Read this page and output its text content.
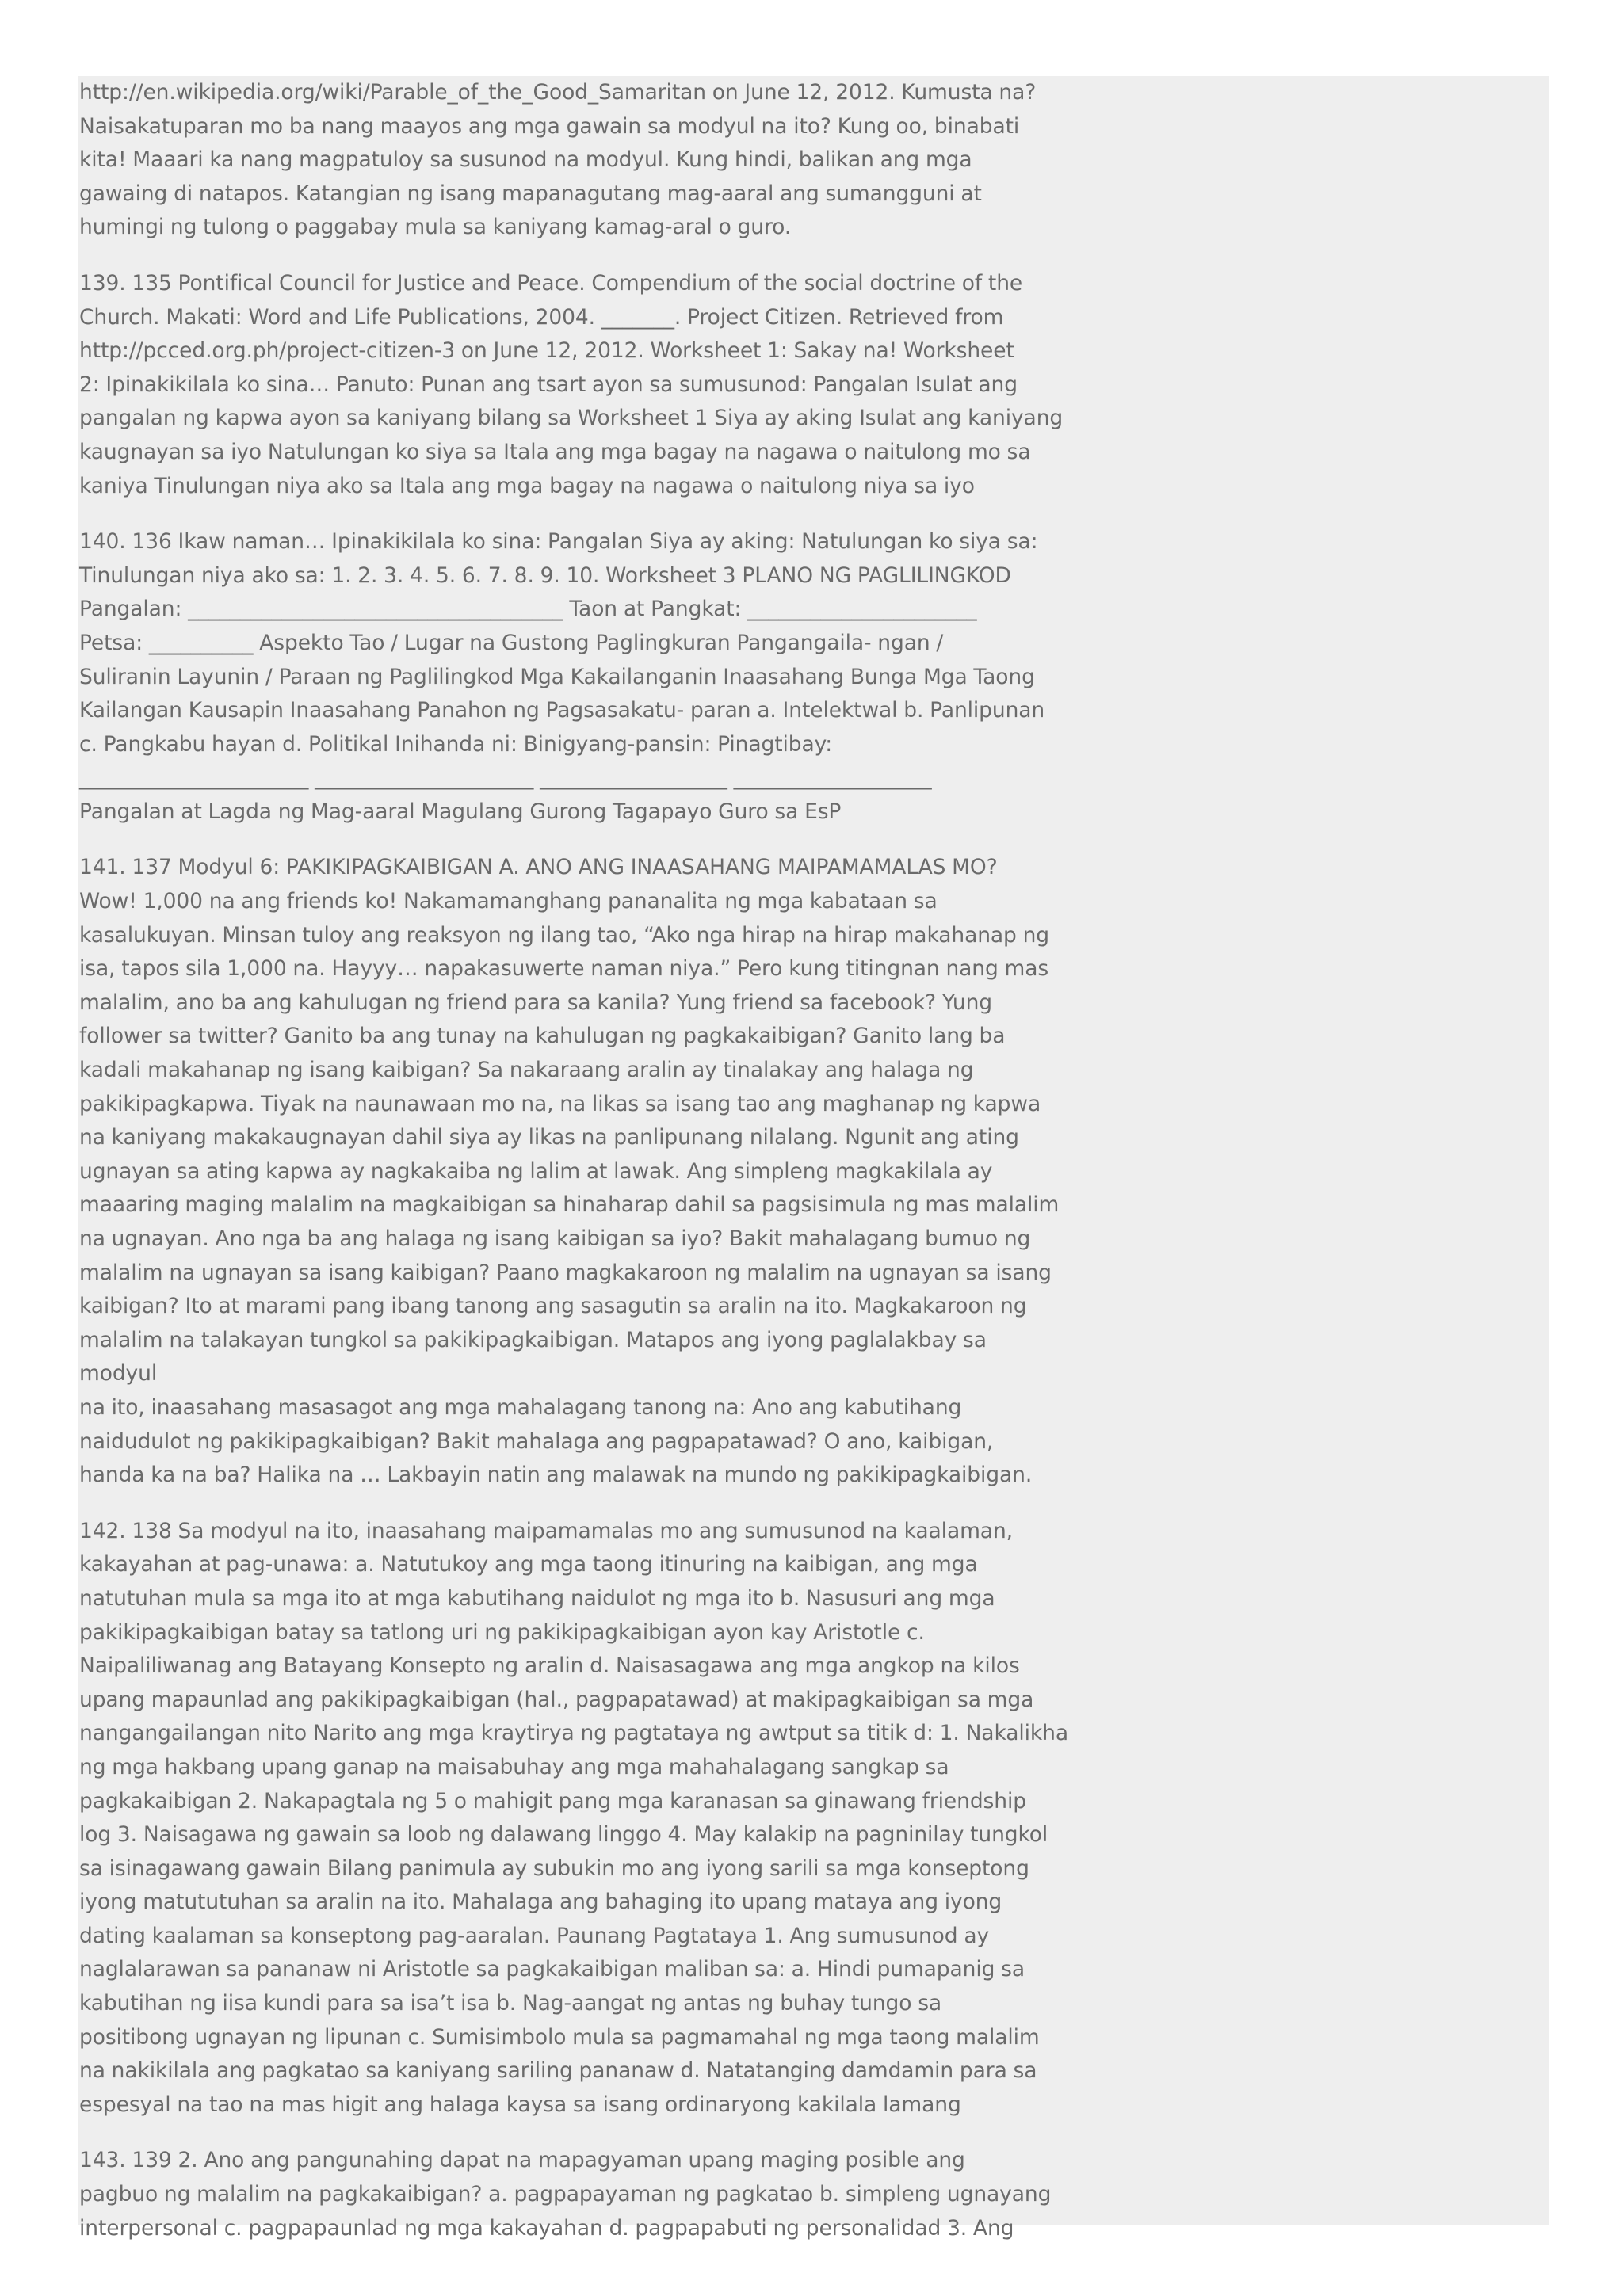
http://en.wikipedia.org/wiki/Parable_of_the_Good_Samaritan on June 12, 2012. Kumusta na?
Naisakatuparan mo ba nang maayos ang mga gawain sa modyul na ito? Kung oo, binabati
kita! Maaari ka nang magpatuloy sa susunod na modyul. Kung hindi, balikan ang mga
gawaing di natapos. Katangian ng isang mapanagutang mag-aaral ang sumangguni at
humingi ng tulong o paggabay mula sa kaniyang kamag-aral o guro.

139. 135 Pontifical Council for Justice and Peace. Compendium of the social doctrine of the
Church. Makati: Word and Life Publications, 2004. _______. Project Citizen. Retrieved from
http://pcced.org.ph/project-citizen-3 on June 12, 2012. Worksheet 1: Sakay na! Worksheet
2: Ipinakikilala ko sina… Panuto: Punan ang tsart ayon sa sumusunod: Pangalan Isulat ang
pangalan ng kapwa ayon sa kaniyang bilang sa Worksheet 1 Siya ay aking Isulat ang kaniyang
kaugnayan sa iyo Natulungan ko siya sa Itala ang mga bagay na nagawa o naitulong mo sa
kaniya Tinulungan niya ako sa Itala ang mga bagay na nagawa o naitulong niya sa iyo

140. 136 Ikaw naman… Ipinakikilala ko sina: Pangalan Siya ay aking: Natulungan ko siya sa:
Tinulungan niya ako sa: 1. 2. 3. 4. 5. 6. 7. 8. 9. 10. Worksheet 3 PLANO NG PAGLILINGKOD
Pangalan: ____________________________________ Taon at Pangkat: ______________________
Petsa: __________ Aspekto Tao / Lugar na Gustong Paglingkuran Pangangaila- ngan /
Suliranin Layunin / Paraan ng Paglilingkod Mga Kakailanganin Inaasahang Bunga Mga Taong
Kailangan Kausapin Inaasahang Panahon ng Pagsasakatu- paran a. Intelektwal b. Panlipunan
c. Pangkabu hayan d. Politikal Inihanda ni: Binigyang-pansin: Pinagtibay:
______________________ _____________________ __________________ ___________________
Pangalan at Lagda ng Mag-aaral Magulang Gurong Tagapayo Guro sa EsP

141. 137 Modyul 6: PAKIKIPAGKAIBIGAN A. ANO ANG INAASAHANG MAIPAMAMALAS MO?
Wow! 1,000 na ang friends ko! Nakamamanghang pananalita ng mga kabataan sa
kasalukuyan. Minsan tuloy ang reaksyon ng ilang tao, “Ako nga hirap na hirap makahanap ng
isa, tapos sila 1,000 na. Hayyy… napakasuwerte naman niya.” Pero kung titingnan nang mas
malalim, ano ba ang kahulugan ng friend para sa kanila? Yung friend sa facebook? Yung
follower sa twitter? Ganito ba ang tunay na kahulugan ng pagkakaibigan? Ganito lang ba
kadali makahanap ng isang kaibigan? Sa nakaraang aralin ay tinalakay ang halaga ng
pakikipagkapwa. Tiyak na naunawaan mo na, na likas sa isang tao ang maghanap ng kapwa
na kaniyang makakaugnayan dahil siya ay likas na panlipunang nilalang. Ngunit ang ating
ugnayan sa ating kapwa ay nagkakaiba ng lalim at lawak. Ang simpleng magkakilala ay
maaaring maging malalim na magkaibigan sa hinaharap dahil sa pagsisimula ng mas malalim
na ugnayan. Ano nga ba ang halaga ng isang kaibigan sa iyo? Bakit mahalagang bumuo ng
malalim na ugnayan sa isang kaibigan? Paano magkakaroon ng malalim na ugnayan sa isang
kaibigan? Ito at marami pang ibang tanong ang sasagutin sa aralin na ito. Magkakaroon ng
malalim na talakayan tungkol sa pakikipagkaibigan. Matapos ang iyong paglalakbay sa modyul
na ito, inaasahang masasagot ang mga mahalagang tanong na: Ano ang kabutihang
naidudulot ng pakikipagkaibigan? Bakit mahalaga ang pagpapatawad? O ano, kaibigan,
handa ka na ba? Halika na … Lakbayin natin ang malawak na mundo ng pakikipagkaibigan.

142. 138 Sa modyul na ito, inaasahang maipamamalas mo ang sumusunod na kaalaman,
kakayahan at pag-unawa: a. Natutukoy ang mga taong itinuring na kaibigan, ang mga
natutuhan mula sa mga ito at mga kabutihang naidulot ng mga ito b. Nasusuri ang mga
pakikipagkaibigan batay sa tatlong uri ng pakikipagkaibigan ayon kay Aristotle c.
Naipaliliwanag ang Batayang Konsepto ng aralin d. Naisasagawa ang mga angkop na kilos
upang mapaunlad ang pakikipagkaibigan (hal., pagpapatawad) at makipagkaibigan sa mga
nangangailangan nito Narito ang mga kraytirya ng pagtataya ng awtput sa titik d: 1. Nakalikha
ng mga hakbang upang ganap na maisabuhay ang mga mahahalagang sangkap sa
pagkakaibigan 2. Nakapagtala ng 5 o mahigit pang mga karanasan sa ginawang friendship
log 3. Naisagawa ng gawain sa loob ng dalawang linggo 4. May kalakip na pagninilay tungkol
sa isinagawang gawain Bilang panimula ay subukin mo ang iyong sarili sa mga konseptong
iyong matututuhan sa aralin na ito. Mahalaga ang bahaging ito upang mataya ang iyong
dating kaalaman sa konseptong pag-aaralan. Paunang Pagtataya 1. Ang sumusunod ay
naglalarawan sa pananaw ni Aristotle sa pagkakaibigan maliban sa: a. Hindi pumapanig sa
kabutihan ng iisa kundi para sa isa’t isa b. Nag-aangat ng antas ng buhay tungo sa
positibong ugnayan ng lipunan c. Sumisimbolo mula sa pagmamahal ng mga taong malalim
na nakikilala ang pagkatao sa kaniyang sariling pananaw d. Natatanging damdamin para sa
espesyal na tao na mas higit ang halaga kaysa sa isang ordinaryong kakilala lamang

143. 139 2. Ano ang pangunahing dapat na mapagyaman upang maging posible ang
pagbuo ng malalim na pagkakaibigan? a. pagpapayaman ng pagkatao b. simpleng ugnayang
interpersonal c. pagpapaunlad ng mga kakayahan d. pagpapabuti ng personalidad 3. Ang
